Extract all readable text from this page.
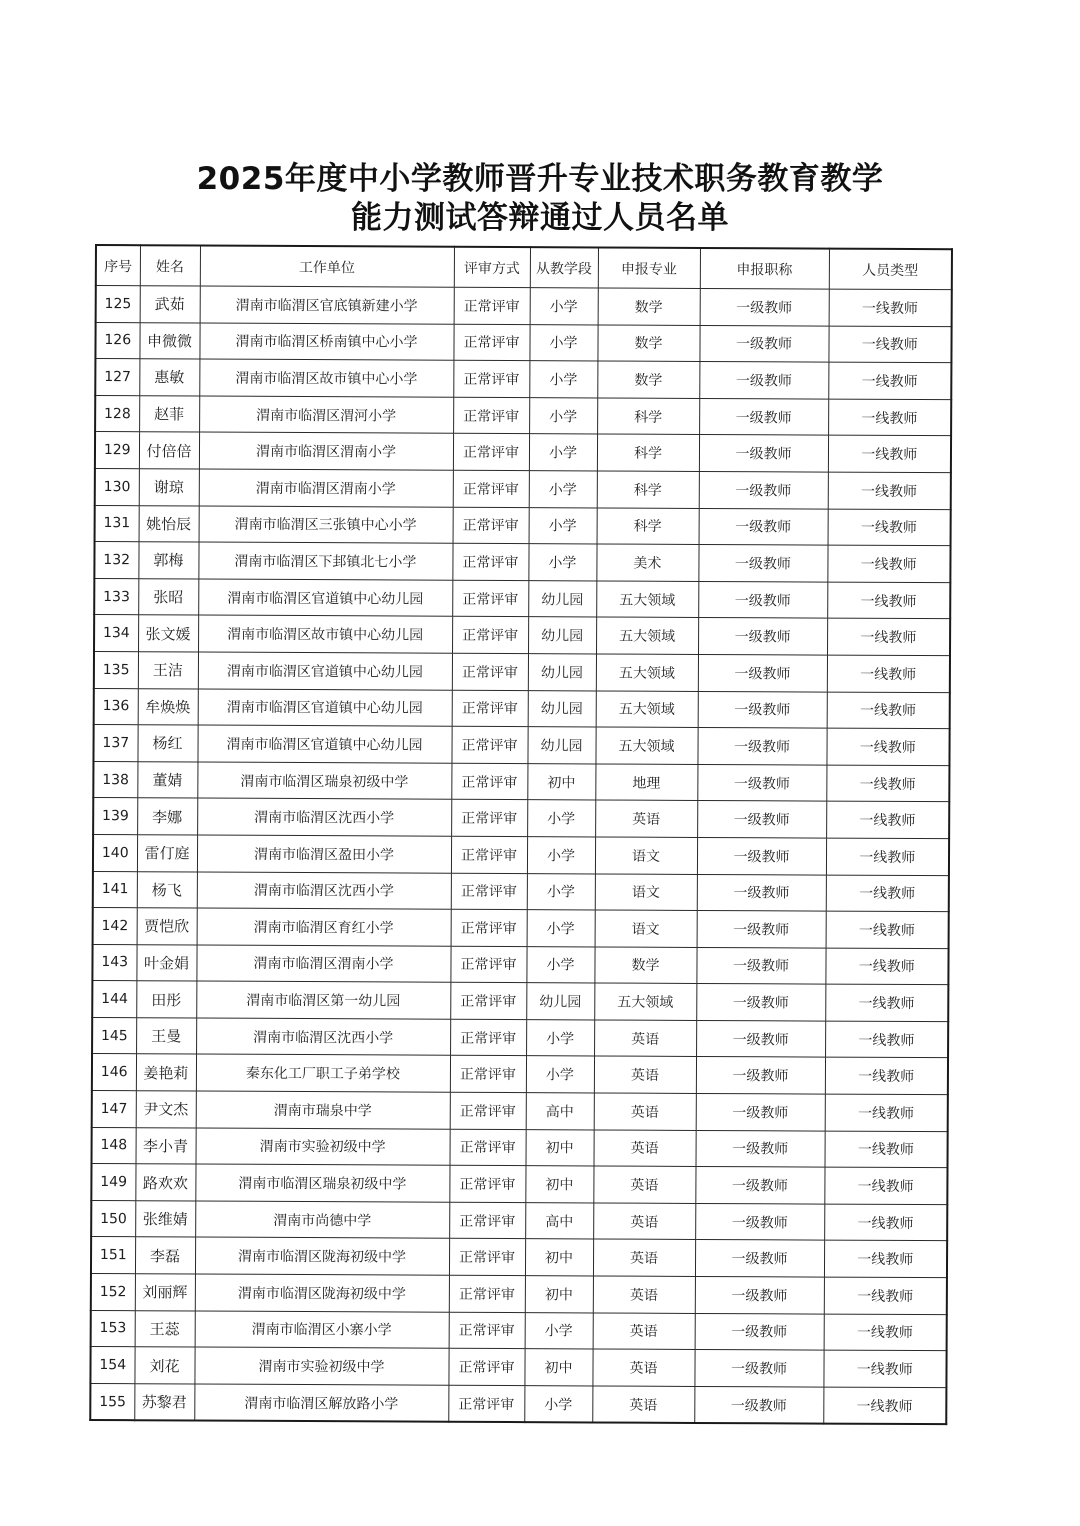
2025年度中小学教师晋升专业技术职务教育教学
能力测试答辩通过人员名单
序号	姓名	工作单位	评审方式	从教学段	申报专业	申报职称	人员类型
125	武茹	渭南市临渭区官底镇新建小学	正常评审	小学	数学	一级教师	一线教师
126	申微微	渭南市临渭区桥南镇中心小学	正常评审	小学	数学	一级教师	一线教师
127	惠敏	渭南市临渭区故市镇中心小学	正常评审	小学	数学	一级教师	一线教师
128	赵菲	渭南市临渭区渭河小学	正常评审	小学	科学	一级教师	一线教师
129	付倍倍	渭南市临渭区渭南小学	正常评审	小学	科学	一级教师	一线教师
130	谢琼	渭南市临渭区渭南小学	正常评审	小学	科学	一级教师	一线教师
131	姚怡辰	渭南市临渭区三张镇中心小学	正常评审	小学	科学	一级教师	一线教师
132	郭梅	渭南市临渭区下邽镇北七小学	正常评审	小学	美术	一级教师	一线教师
133	张昭	渭南市临渭区官道镇中心幼儿园	正常评审	幼儿园	五大领域	一级教师	一线教师
134	张文媛	渭南市临渭区故市镇中心幼儿园	正常评审	幼儿园	五大领域	一级教师	一线教师
135	王洁	渭南市临渭区官道镇中心幼儿园	正常评审	幼儿园	五大领域	一级教师	一线教师
136	牟焕焕	渭南市临渭区官道镇中心幼儿园	正常评审	幼儿园	五大领域	一级教师	一线教师
137	杨红	渭南市临渭区官道镇中心幼儿园	正常评审	幼儿园	五大领域	一级教师	一线教师
138	董婧	渭南市临渭区瑞泉初级中学	正常评审	初中	地理	一级教师	一线教师
139	李娜	渭南市临渭区沈西小学	正常评审	小学	英语	一级教师	一线教师
140	雷仃庭	渭南市临渭区盈田小学	正常评审	小学	语文	一级教师	一线教师
141	杨飞	渭南市临渭区沈西小学	正常评审	小学	语文	一级教师	一线教师
142	贾恺欣	渭南市临渭区育红小学	正常评审	小学	语文	一级教师	一线教师
143	叶金娟	渭南市临渭区渭南小学	正常评审	小学	数学	一级教师	一线教师
144	田彤	渭南市临渭区第一幼儿园	正常评审	幼儿园	五大领域	一级教师	一线教师
145	王曼	渭南市临渭区沈西小学	正常评审	小学	英语	一级教师	一线教师
146	姜艳莉	秦东化工厂职工子弟学校	正常评审	小学	英语	一级教师	一线教师
147	尹文杰	渭南市瑞泉中学	正常评审	高中	英语	一级教师	一线教师
148	李小青	渭南市实验初级中学	正常评审	初中	英语	一级教师	一线教师
149	路欢欢	渭南市临渭区瑞泉初级中学	正常评审	初中	英语	一级教师	一线教师
150	张维婧	渭南市尚德中学	正常评审	高中	英语	一级教师	一线教师
151	李磊	渭南市临渭区陇海初级中学	正常评审	初中	英语	一级教师	一线教师
152	刘丽辉	渭南市临渭区陇海初级中学	正常评审	初中	英语	一级教师	一线教师
153	王蕊	渭南市临渭区小寨小学	正常评审	小学	英语	一级教师	一线教师
154	刘花	渭南市实验初级中学	正常评审	初中	英语	一级教师	一线教师
155	苏黎君	渭南市临渭区解放路小学	正常评审	小学	英语	一级教师	一线教师
